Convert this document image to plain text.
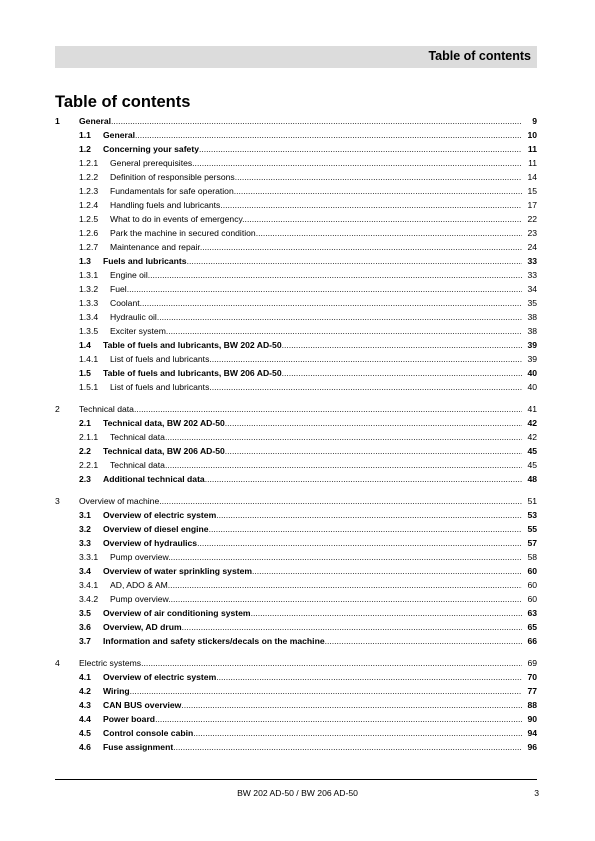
Table of contents
Table of contents
1 General .....	9
1.1 General .....	10
1.2 Concerning your safety .....	11
1.2.1 General prerequisites .....	11
1.2.2 Definition of responsible persons .....	14
1.2.3 Fundamentals for safe operation .....	15
1.2.4 Handling fuels and lubricants .....	17
1.2.5 What to do in events of emergency .....	22
1.2.6 Park the machine in secured condition .....	23
1.2.7 Maintenance and repair .....	24
1.3 Fuels and lubricants .....	33
1.3.1 Engine oil .....	33
1.3.2 Fuel .....	34
1.3.3 Coolant .....	35
1.3.4 Hydraulic oil .....	38
1.3.5 Exciter system .....	38
1.4 Table of fuels and lubricants, BW 202 AD-50 .....	39
1.4.1 List of fuels and lubricants .....	39
1.5 Table of fuels and lubricants, BW 206 AD-50 .....	40
1.5.1 List of fuels and lubricants .....	40
2 Technical data .....	41
2.1 Technical data, BW 202 AD-50 .....	42
2.1.1 Technical data .....	42
2.2 Technical data, BW 206 AD-50 .....	45
2.2.1 Technical data .....	45
2.3 Additional technical data .....	48
3 Overview of machine .....	51
3.1 Overview of electric system .....	53
3.2 Overview of diesel engine .....	55
3.3 Overview of hydraulics .....	57
3.3.1 Pump overview .....	58
3.4 Overview of water sprinkling system .....	60
3.4.1 AD, ADO & AM .....	60
3.4.2 Pump overview .....	60
3.5 Overview of air conditioning system .....	63
3.6 Overview, AD drum .....	65
3.7 Information and safety stickers/decals on the machine .....	66
4 Electric systems .....	69
4.1 Overview of electric system .....	70
4.2 Wiring .....	77
4.3 CAN BUS overview .....	88
4.4 Power board .....	90
4.5 Control console cabin .....	94
4.6 Fuse assignment .....	96
BW 202 AD-50 / BW 206 AD-50	3
